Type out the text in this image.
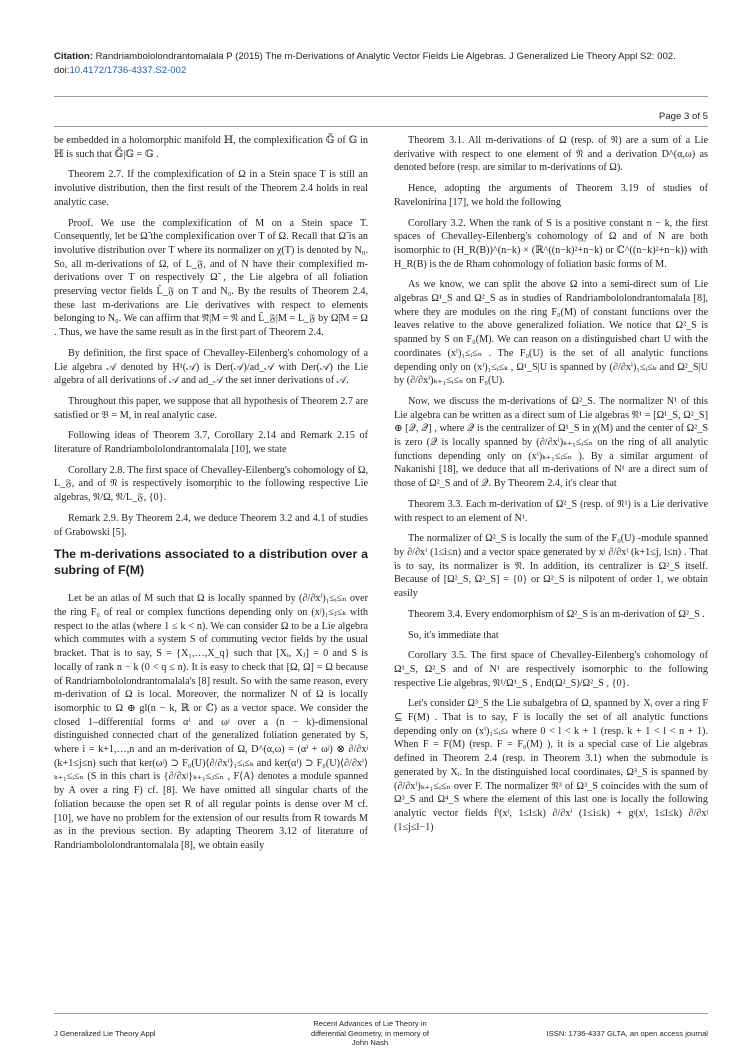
Citation: Randriambololondrantomalala P (2015) The m-Derivations of Analytic Vector Fields Lie Algebras. J Generalized Lie Theory Appl S2: 002.
doi:10.4172/1736-4337.S2-002
Page 3 of 5

be embedded in a holomorphic manifold ℍ, the complexification 𝔾̃ of 𝔾 in ℍ is such that 𝔾̃|𝔾 = 𝔾 .

Theorem 2.7. If the complexification of Ω in a Stein space T is still an involutive distribution, then the first result of the Theorem 2.4 holds in real analytic case.

Proof. We use the complexification of M on a Stein space T. Consequently, let be Ω̃ the complexification over T of Ω. Recall that Ω̃ is an involutive distribution over T where its normalizer on χ(T) is denoted by N₀. So, all m-derivations of Ω, of L_𝔉, and of N have their complexified m-derivations over T on respectively Ω̃ , the Lie algebra of all foliation preserving vector fields L̃_𝔉 on T and N₀. By the results of Theorem 2.4, these last m-derivations are Lie derivatives with respect to elements belonging to N₀. We can affirm that 𝔑̃|M = 𝔑 and L̃_𝔉|M = L_𝔉 by Ω̃|M = Ω . Thus, we have the same result as in the first part of Theorem 2.4.

By definition, the first space of Chevalley-Eilenberg's cohomology of a Lie algebra 𝒜 denoted by H¹(𝒜) is Der(𝒜)/ad_𝒜 with Der(𝒜) the Lie algebra of all derivations of 𝒜 and ad_𝒜 the set inner derivations of 𝒜.

Throughout this paper, we suppose that all hypothesis of Theorem 2.7 are satisfied or 𝔅 = M, in real analytic case.

Following ideas of Theorem 3.7, Corollary 2.14 and Remark 2.15 of literature of Randriambololondrantomalala [10], we state

Corollary 2.8. The first space of Chevalley-Eilenberg's cohomology of Ω, L_𝔉, and of 𝔑 is respectively isomorphic to the following respective Lie algebras, 𝔑/Ω, 𝔑/L_𝔉, {0}.

Remark 2.9. By Theorem 2.4, we deduce Theorem 3.2 and 4.1 of studies of Grabowski [5].

The m-derivations associated to a distribution over a subring of F(M)

Let be an atlas of M such that Ω is locally spanned by (∂/∂xⁱ)₁≤ᵢ≤ₙ over the ring F₀ of real or complex functions depending only on (xʲ)₁≤ⱼ≤ₖ with respect to the atlas (where 1 ≤ k < n). We can consider Ω to be a Lie algebra which commutes with a system S of commuting vector fields by the usual bracket. That is to say, S = {X₁,…,X_q} such that [Xᵢ, Xⱼ] = 0 and S is locally of rank n − k (0 < q ≤ n). It is easy to check that [Ω, Ω] = Ω because of Randriambololondrantomalala's [8] result. So with the same reason, every m-derivation of Ω is local. Moreover, the normalizer N of Ω is locally isomorphic to Ω ⊕ gl(n − k, ℝ or ℂ) as a vector space. We consider the closed 1–differential forms αⁱ and ωʲ over a (n − k)-dimensional distinguished connected chart of the generalized foliation generated by S, where i = k+1,…,n and an m-derivation of Ω, D^(α,ω) = (αⁱ + ωʲ) ⊗ ∂/∂xʲ (k+1≤j≤n) such that ker(ωʲ) ⊃ F₀(U)⟨∂/∂xⁱ⟩₁≤ᵢ≤ₖ and ker(αⁱ) ⊃ F₀(U)⟨∂/∂xⁱ⟩ₖ₊₁≤ᵢ≤ₙ (S in this chart is {∂/∂xʲ}ₖ₊₁≤ⱼ≤ₙ , F⟨A⟩ denotes a module spanned by A over a ring F) cf. [8]. We have omitted all singular charts of the foliation because the open set R of all regular points is dense over M cf. [10], we have no problem for the extension of our results from R towards M as in the previous section. By adapting Theorem 3.12 of literature of Randriambololondrantomalala [8], we obtain easily

Theorem 3.1. All m-derivations of Ω (resp. of 𝔑) are a sum of a Lie derivative with respect to one element of 𝔑 and a derivation D^(α,ω) as denoted before (resp. are similar to m-derivations of Ω).

Hence, adopting the arguments of Theorem 3.19 of studies of Ravelonirina [17], we hold the following

Corollary 3.2. When the rank of S is a positive constant n − k, the first spaces of Chevalley-Eilenberg's cohomology of Ω and of N are both isomorphic to (H_R(B))^(n−k) × (ℝ^((n−k)²+n−k) or ℂ^((n−k)²+n−k)) with H_R(B) is the de Rham cohomology of foliation basic forms of M.

As we know, we can split the above Ω into a semi-direct sum of Lie algebras Ω¹_S and Ω²_S as in studies of Randriambololondrantomalala [8], where they are modules on the ring F₀(M) of constant functions over the leaves relative to the above generalized foliation. We notice that Ω²_S is spanned by S on F₀(M). We can reason on a distinguished chart U with the coordinates (xⁱ)₁≤ᵢ≤ₙ . The F₀(U) is the set of all analytic functions depending only on (xⁱ)₁≤ᵢ≤ₖ , Ω¹_S|U is spanned by (∂/∂xⁱ)₁≤ᵢ≤ₖ and Ω²_S|U by (∂/∂xⁱ)ₖ₊₁≤ᵢ≤ₙ on F₀(U).

Now, we discuss the m-derivations of Ω²_S. The normalizer N¹ of this Lie algebra can be written as a direct sum of Lie algebras 𝔑¹ = [Ω¹_S, Ω²_S] ⊕ [𝒬, 𝒬] , where 𝒬 is the centralizer of Ω¹_S in χ(M) and the center of Ω²_S is zero (𝒬 is locally spanned by (∂/∂xⁱ)ₖ₊₁≤ᵢ≤ₙ on the ring of all analytic functions depending only on (xⁱ)ₖ₊₁≤ᵢ≤ₙ ). By a similar argument of Nakanishi [18], we deduce that all m-derivations of N¹ are a direct sum of those of Ω²_S and of 𝒬. By Theorem 2.4, it's clear that

Theorem 3.3. Each m-derivation of Ω²_S (resp. of 𝔑¹) is a Lie derivative with respect to an element of N¹.

The normalizer of Ω²_S is locally the sum of the F₀(U) -module spanned by ∂/∂xⁱ (1≤i≤n) and a vector space generated by xʲ ∂/∂xˡ (k+1≤j, l≤n) . That is to say, its normalizer is 𝔑. In addition, its centralizer is Ω²_S itself. Because of [Ω²_S, Ω²_S] = {0} or Ω²_S is nilpotent of order 1, we obtain easily

Theorem 3.4. Every endomorphism of Ω²_S is an m-derivation of Ω²_S .

So, it's immediate that

Corollary 3.5. The first space of Chevalley-Eilenberg's cohomology of Ω¹_S, Ω²_S and of N¹ are respectively isomorphic to the following respective Lie algebras, 𝔑¹/Ω¹_S , End(Ω²_S)/Ω²_S , {0}.

Let's consider Ω³_S the Lie subalgebra of Ω, spanned by Xᵢ over a ring F ⊆ F(M) . That is to say, F is locally the set of all analytic functions depending only on (xⁱ)₁≤ᵢ≤ₗ where 0 < l < k + 1 (resp. k + 1 < l < n + 1). When F = F(M) (resp. F = F₀(M) ), it is a special case of Lie algebras defined in Theorem 2.4 (resp. in Theorem 3.1) when the submodule is generated by Xᵢ. In the distinguished local coordinates, Ω³_S is spanned by (∂/∂xⁱ)ₖ₊₁≤ᵢ≤ₙ over F. The normalizer 𝔑³ of Ω³_S coincides with the sum of Ω³_S and Ω⁴_S where the element of this last one is locally the following analytic vector fields fⁱ(xˡ, 1≤l≤k) ∂/∂xⁱ (1≤i≤k) + gʲ(xˡ, 1≤l≤k) ∂/∂xʲ (1≤j≤l−1)

J Generalized Lie Theory Appl
Recent Advances of Lie Theory in
differential Geometry, in memory of
John Nash
ISSN: 1736-4337 GLTA, an open access journal
